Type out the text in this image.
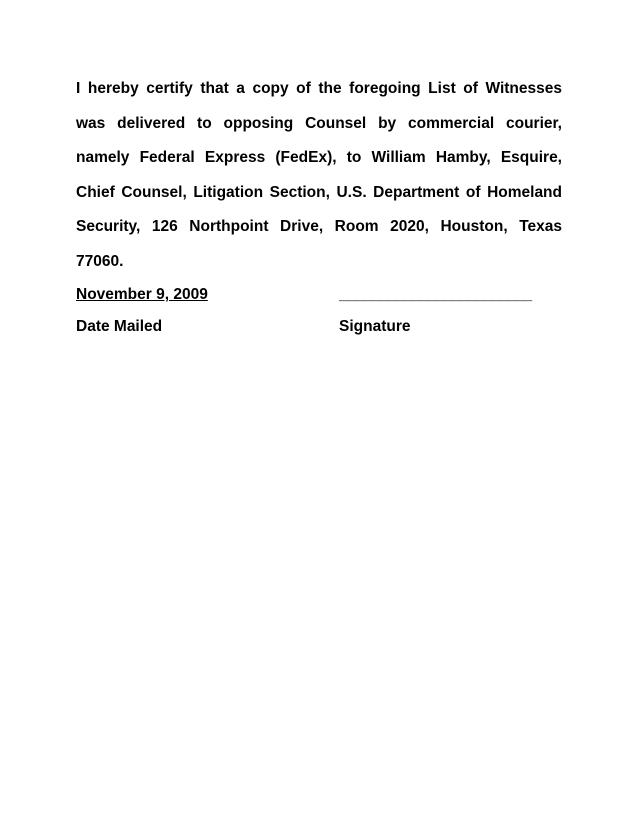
I hereby certify that a copy of the foregoing List of Witnesses was delivered to opposing Counsel by commercial courier, namely Federal Express (FedEx), to William Hamby, Esquire, Chief Counsel, Litigation Section, U.S. Department of Homeland Security, 126 Northpoint Drive, Room 2020, Houston, Texas 77060.

November 9, 2009	________________________
Date Mailed	Signature
